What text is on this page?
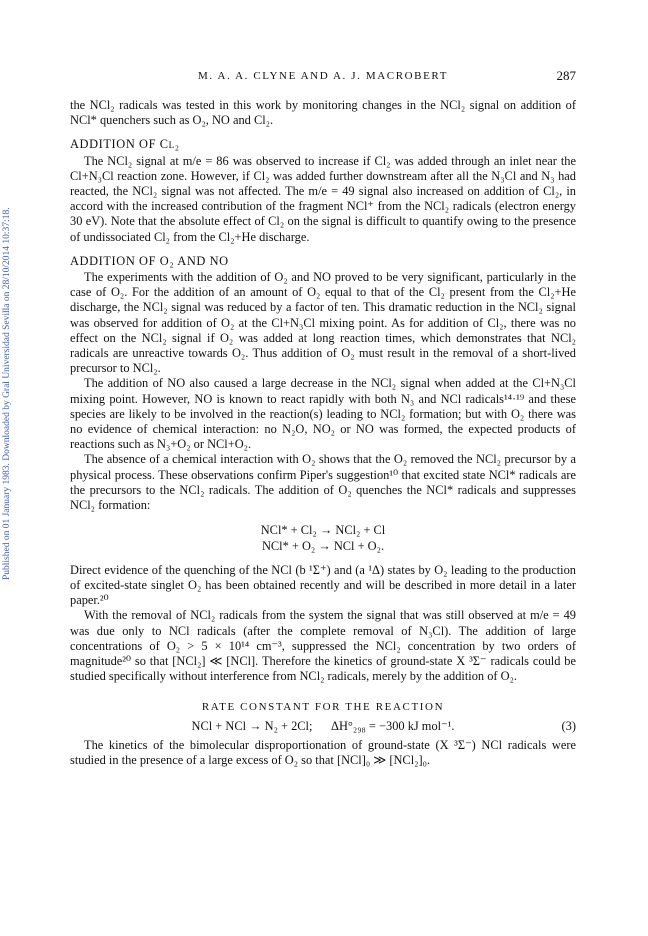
Published on 01 January 1983. Downloaded by Gral Universidad Sevilla on 28/10/2014 10:37:18.
M. A. A. CLYNE AND A. J. MACROBERT	287

the NCl₂ radicals was tested in this work by monitoring changes in the NCl₂ signal on addition of NCl* quenchers such as O₂, NO and Cl₂.

ADDITION OF Cl₂

The NCl₂ signal at m/e = 86 was observed to increase if Cl₂ was added through an inlet near the Cl+N₃Cl reaction zone. However, if Cl₂ was added further downstream after all the N₃Cl and N₃ had reacted, the NCl₂ signal was not affected. The m/e = 49 signal also increased on addition of Cl₂, in accord with the increased contribution of the fragment NCl⁺ from the NCl₂ radicals (electron energy 30 eV). Note that the absolute effect of Cl₂ on the signal is difficult to quantify owing to the presence of undissociated Cl₂ from the Cl₂+He discharge.

ADDITION OF O₂ AND NO

The experiments with the addition of O₂ and NO proved to be very significant, particularly in the case of O₂. For the addition of an amount of O₂ equal to that of the Cl₂ present from the Cl₂+He discharge, the NCl₂ signal was reduced by a factor of ten. This dramatic reduction in the NCl₂ signal was observed for addition of O₂ at the Cl+N₃Cl mixing point. As for addition of Cl₂, there was no effect on the NCl₂ signal if O₂ was added at long reaction times, which demonstrates that NCl₂ radicals are unreactive towards O₂. Thus addition of O₂ must result in the removal of a short-lived precursor to NCl₂.

The addition of NO also caused a large decrease in the NCl₂ signal when added at the Cl+N₃Cl mixing point. However, NO is known to react rapidly with both N₃ and NCl radicals¹⁴·¹⁹ and these species are likely to be involved in the reaction(s) leading to NCl₂ formation; but with O₂ there was no evidence of chemical interaction: no N₂O, NO₂ or NO was formed, the expected products of reactions such as N₃+O₂ or NCl+O₂.

The absence of a chemical interaction with O₂ shows that the O₂ removed the NCl₂ precursor by a physical process. These observations confirm Piper's suggestion¹⁰ that excited state NCl* radicals are the precursors to the NCl₂ radicals. The addition of O₂ quenches the NCl* radicals and suppresses NCl₂ formation:

NCl* + Cl₂ → NCl₂ + Cl
NCl* + O₂ → NCl + O₂.

Direct evidence of the quenching of the NCl (b ¹Σ⁺) and (a ¹Δ) states by O₂ leading to the production of excited-state singlet O₂ has been obtained recently and will be described in more detail in a later paper.²⁰

With the removal of NCl₂ radicals from the system the signal that was still observed at m/e = 49 was due only to NCl radicals (after the complete removal of N₃Cl). The addition of large concentrations of O₂ > 5 × 10¹⁴ cm⁻³, suppressed the NCl₂ concentration by two orders of magnitude²⁰ so that [NCl₂] ≪ [NCl]. Therefore the kinetics of ground-state X ³Σ⁻ radicals could be studied specifically without interference from NCl₂ radicals, merely by the addition of O₂.

RATE CONSTANT FOR THE REACTION
NCl + NCl → N₂ + 2Cl;      ΔH°₂₉₈ = −300 kJ mol⁻¹.	(3)

The kinetics of the bimolecular disproportionation of ground-state (X ³Σ⁻) NCl radicals were studied in the presence of a large excess of O₂ so that [NCl]₀ ≫ [NCl₂]₀.
